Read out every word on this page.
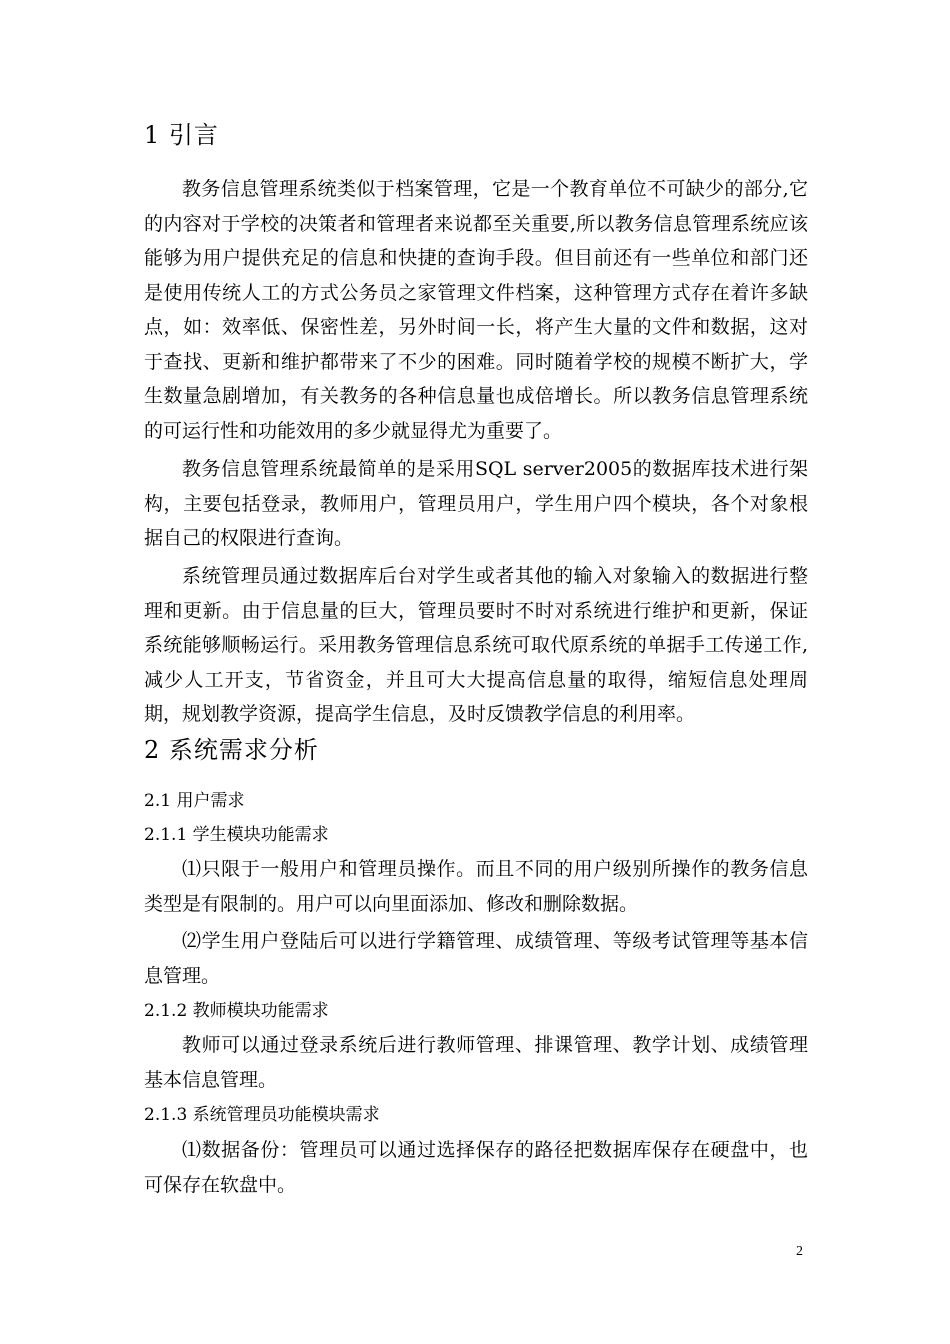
1 引言
教务信息管理系统类似于档案管理，它是一个教育单位不可缺少的部分,它的内容对于学校的决策者和管理者来说都至关重要,所以教务信息管理系统应该能够为用户提供充足的信息和快捷的查询手段。但目前还有一些单位和部门还是使用传统人工的方式公务员之家管理文件档案，这种管理方式存在着许多缺点，如：效率低、保密性差，另外时间一长，将产生大量的文件和数据，这对于查找、更新和维护都带来了不少的困难。同时随着学校的规模不断扩大，学生数量急剧增加，有关教务的各种信息量也成倍增长。所以教务信息管理系统的可运行性和功能效用的多少就显得尤为重要了。
教务信息管理系统最简单的是采用SQL server2005的数据库技术进行架构，主要包括登录，教师用户，管理员用户，学生用户四个模块，各个对象根据自己的权限进行查询。
系统管理员通过数据库后台对学生或者其他的输入对象输入的数据进行整理和更新。由于信息量的巨大，管理员要时不时对系统进行维护和更新，保证系统能够顺畅运行。采用教务管理信息系统可取代原系统的单据手工传递工作,减少人工开支，节省资金，并且可大大提高信息量的取得，缩短信息处理周期，规划教学资源，提高学生信息，及时反馈教学信息的利用率。
2 系统需求分析
2.1 用户需求
2.1.1 学生模块功能需求
⑴只限于一般用户和管理员操作。而且不同的用户级别所操作的教务信息类型是有限制的。用户可以向里面添加、修改和删除数据。
⑵学生用户登陆后可以进行学籍管理、成绩管理、等级考试管理等基本信息管理。
2.1.2 教师模块功能需求
教师可以通过登录系统后进行教师管理、排课管理、教学计划、成绩管理基本信息管理。
2.1.3 系统管理员功能模块需求
⑴数据备份：管理员可以通过选择保存的路径把数据库保存在硬盘中，也可保存在软盘中。
2
